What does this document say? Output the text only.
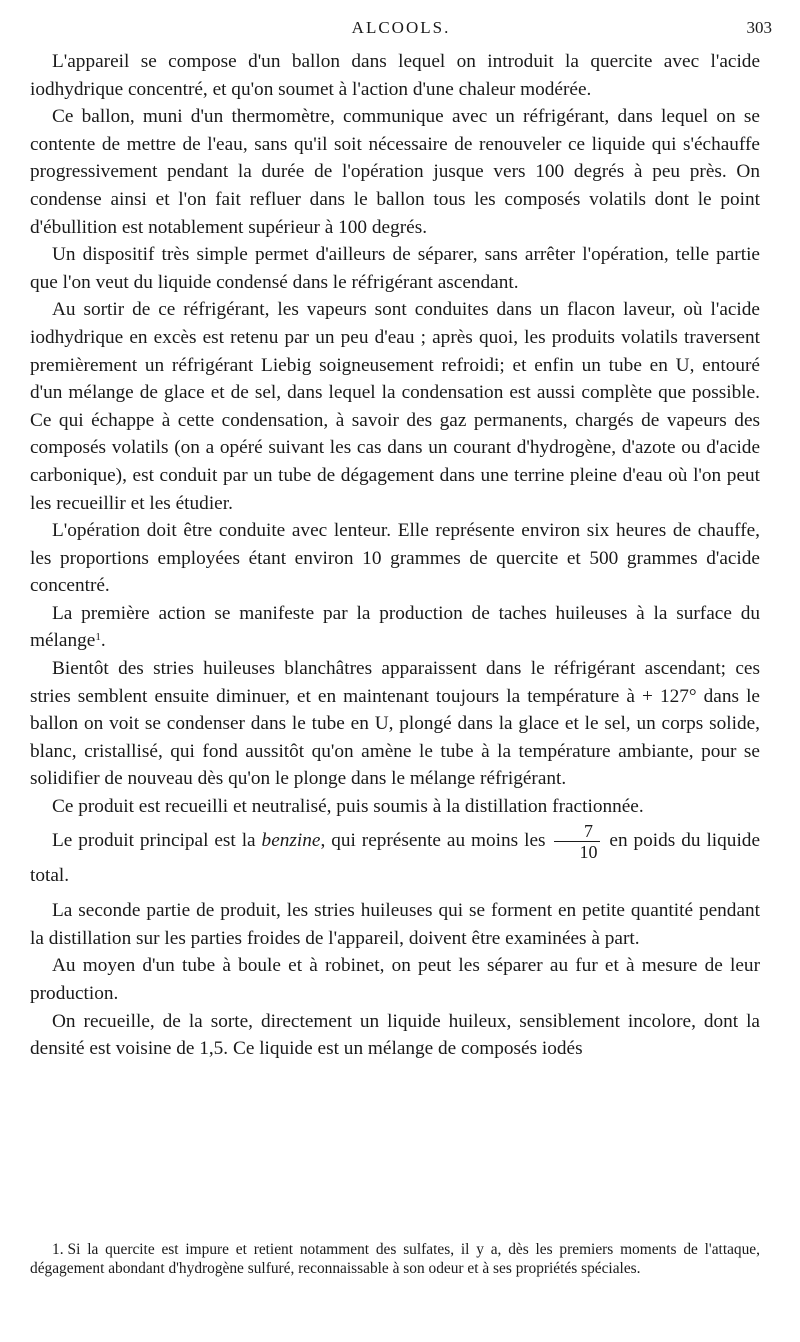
ALCOOLS.	303

L'appareil se compose d'un ballon dans lequel on introduit la quercite avec l'acide iodhydrique concentré, et qu'on soumet à l'action d'une chaleur modérée.

Ce ballon, muni d'un thermomètre, communique avec un réfrigérant, dans lequel on se contente de mettre de l'eau, sans qu'il soit nécessaire de renouveler ce liquide qui s'échauffe progressivement pendant la durée de l'opération jusque vers 100 degrés à peu près. On condense ainsi et l'on fait refluer dans le ballon tous les composés volatils dont le point d'ébullition est notablement supérieur à 100 degrés.

Un dispositif très simple permet d'ailleurs de séparer, sans arrêter l'opération, telle partie que l'on veut du liquide condensé dans le réfrigérant ascendant.

Au sortir de ce réfrigérant, les vapeurs sont conduites dans un flacon laveur, où l'acide iodhydrique en excès est retenu par un peu d'eau ; après quoi, les produits volatils traversent premièrement un réfrigérant Liebig soigneusement refroidi; et enfin un tube en U, entouré d'un mélange de glace et de sel, dans lequel la condensation est aussi complète que possible. Ce qui échappe à cette condensation, à savoir des gaz permanents, chargés de vapeurs des composés volatils (on a opéré suivant les cas dans un courant d'hydrogène, d'azote ou d'acide carbonique), est conduit par un tube de dégagement dans une terrine pleine d'eau où l'on peut les recueillir et les étudier.

L'opération doit être conduite avec lenteur. Elle représente environ six heures de chauffe, les proportions employées étant environ 10 grammes de quercite et 500 grammes d'acide concentré.

La première action se manifeste par la production de taches huileuses à la surface du mélange$^1$.

Bientôt des stries huileuses blanchâtres apparaissent dans le réfrigérant ascendant; ces stries semblent ensuite diminuer, et en maintenant toujours la température à + 127° dans le ballon on voit se condenser dans le tube en U, plongé dans la glace et le sel, un corps solide, blanc, cristallisé, qui fond aussitôt qu'on amène le tube à la température ambiante, pour se solidifier de nouveau dès qu'on le plonge dans le mélange réfrigérant.

Ce produit est recueilli et neutralisé, puis soumis à la distillation fractionnée.

Le produit principal est la benzine, qui représente au moins les $\frac{7}{10}$ en poids du liquide total.

La seconde partie de produit, les stries huileuses qui se forment en petite quantité pendant la distillation sur les parties froides de l'appareil, doivent être examinées à part.

Au moyen d'un tube à boule et à robinet, on peut les séparer au fur et à mesure de leur production.

On recueille, de la sorte, directement un liquide huileux, sensiblement incolore, dont la densité est voisine de 1,5. Ce liquide est un mélange de composés iodés

1. Si la quercite est impure et retient notamment des sulfates, il y a, dès les premiers moments de l'attaque, dégagement abondant d'hydrogène sulfuré, reconnaissable à son odeur et à ses propriétés spéciales.
